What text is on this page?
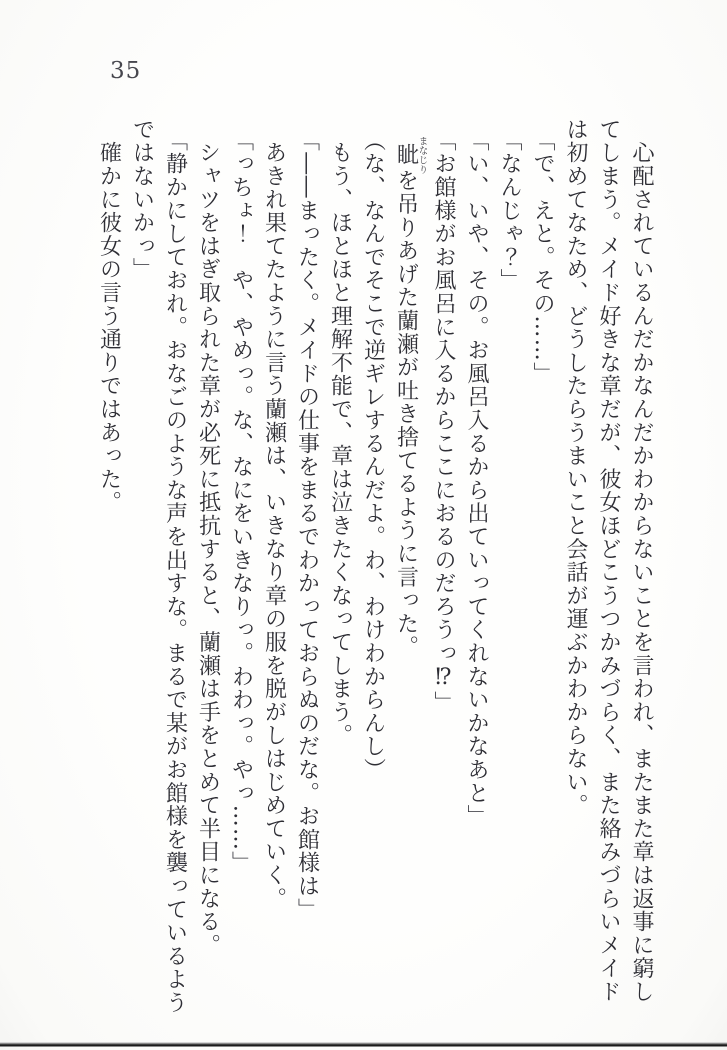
35
　心配されているんだかなんだかわからないことを言われ、またまた章は返事に窮し
てしまう。メイド好きな章だが、彼女ほどこうつかみづらく、また絡みづらいメイド
は初めてなため、どうしたらうまいこと会話が運ぶかわからない。
「で、えと。その……」
「なんじゃ？」
「い、いや、その。お風呂入るから出ていってくれないかなあと」
「お館様がお風呂に入るからここにおるのだろうっ⁉」
　眦まなじりを吊りあげた蘭瀬が吐き捨てるように言った。
（な、なんでそこで逆ギレするんだよ。わ、わけわからんし）
　もう、ほとほと理解不能で、章は泣きたくなってしまう。
「――まったく。メイドの仕事をまるでわかっておらぬのだな。お館様は」
　あきれ果てたように言う蘭瀬は、いきなり章の服を脱がしはじめていく。
「っちょ！　や、やめっ。な、なにをいきなりっ。わわっ。やっ……」
　シャツをはぎ取られた章が必死に抵抗すると、蘭瀬は手をとめて半目になる。
「静かにしておれ。おなごのような声を出すな。まるで某がお館様を襲っているよう
ではないかっ」
　確かに彼女の言う通りではあった。
